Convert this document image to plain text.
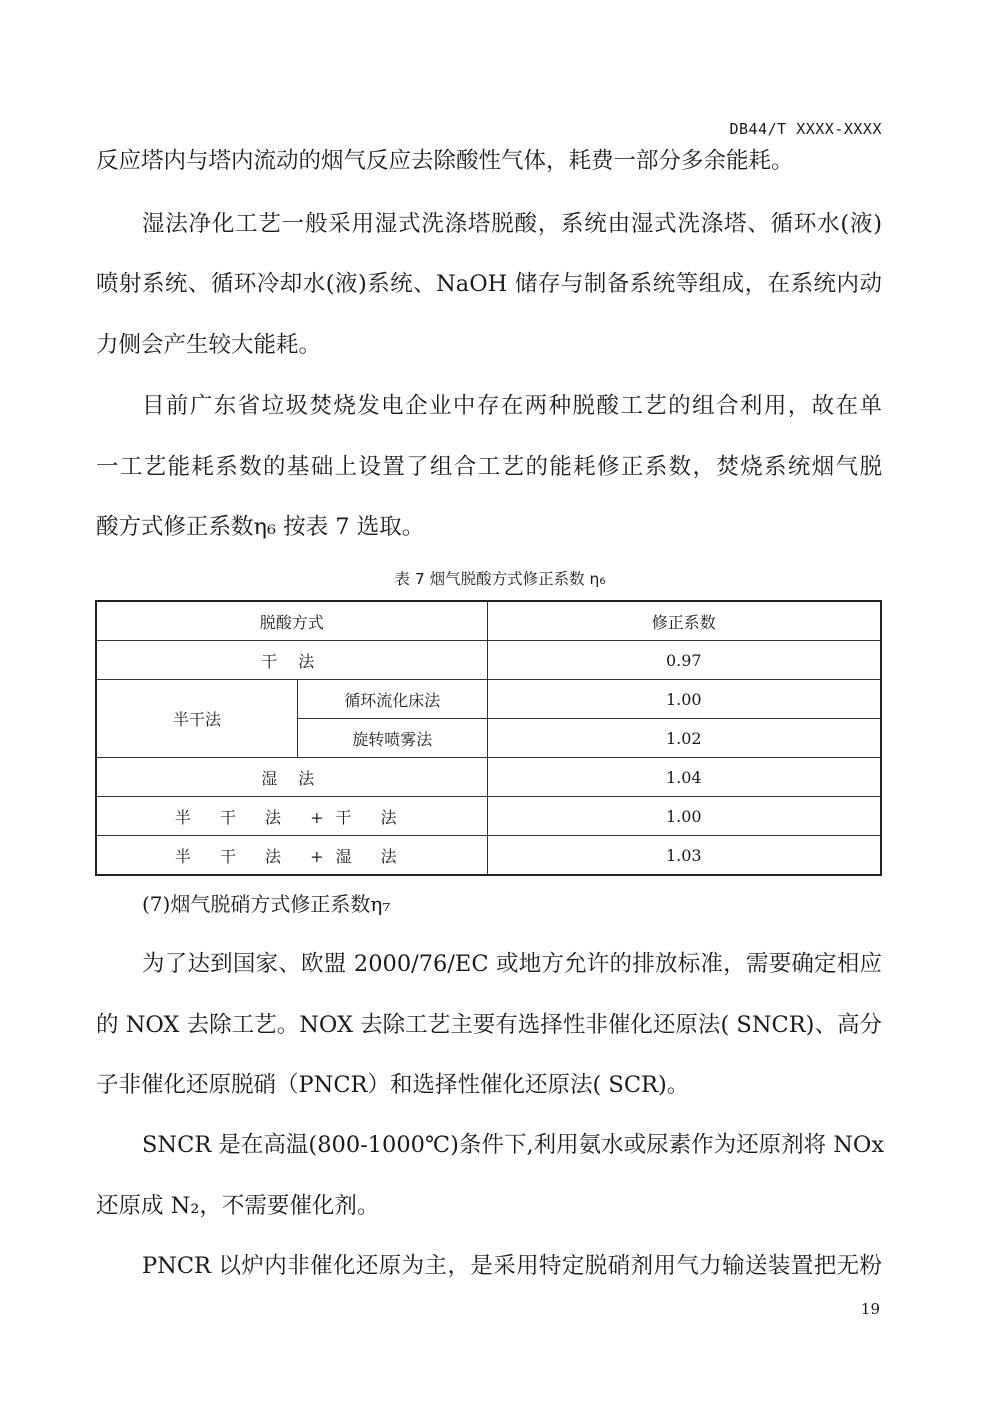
DB44/T XXXX-XXXX
反应塔内与塔内流动的烟气反应去除酸性气体，耗费一部分多余能耗。
湿法净化工艺一般采用湿式洗涤塔脱酸，系统由湿式洗涤塔、循环水(液)
喷射系统、循环冷却水(液)系统、NaOH 储存与制备系统等组成，在系统内动
力侧会产生较大能耗。
目前广东省垃圾焚烧发电企业中存在两种脱酸工艺的组合利用，故在单
一工艺能耗系数的基础上设置了组合工艺的能耗修正系数，焚烧系统烟气脱
酸方式修正系数η₆ 按表 7 选取。
表 7 烟气脱酸方式修正系数 η₆
脱酸方式		修正系数
干 法		0.97
半干法	循环流化床法	1.00
	旋转喷雾法	1.02
湿 法		1.04
半 干 法 +干 法		1.00
半 干 法 +湿 法		1.03
(7)烟气脱硝方式修正系数η₇
为了达到国家、欧盟 2000/76/EC 或地方允许的排放标准，需要确定相应
的 NOX 去除工艺。NOX 去除工艺主要有选择性非催化还原法( SNCR)、高分
子非催化还原脱硝（PNCR）和选择性催化还原法( SCR)。
SNCR 是在高温(800-1000℃)条件下,利用氨水或尿素作为还原剂将 NOx
还原成 N₂，不需要催化剂。
PNCR 以炉内非催化还原为主，是采用特定脱硝剂用气力输送装置把无粉
19
